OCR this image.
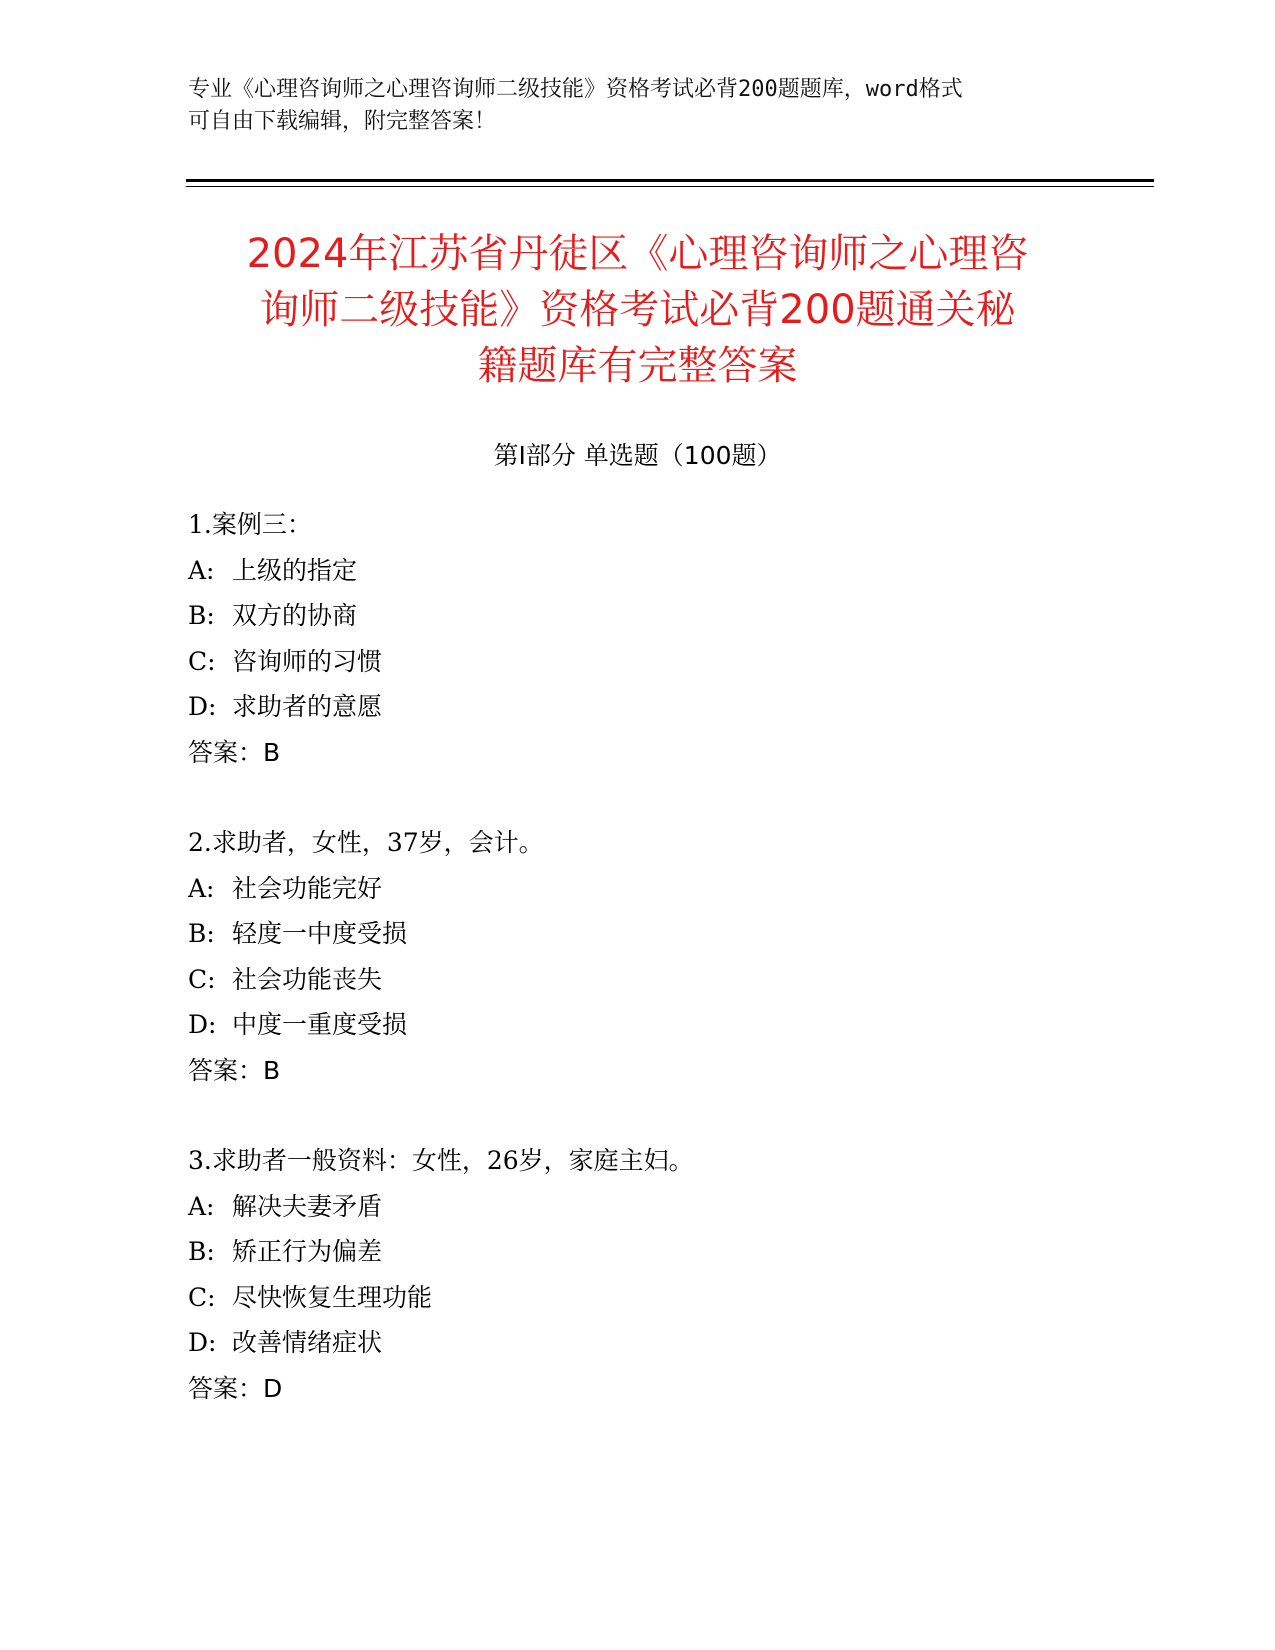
专业《心理咨询师之心理咨询师二级技能》资格考试必背200题题库，word格式
可自由下载编辑，附完整答案！
2024年江苏省丹徒区《心理咨询师之心理咨
询师二级技能》资格考试必背200题通关秘
籍题库有完整答案
第Ⅰ部分 单选题（100题）
1.案例三：
A: 上级的指定
B: 双方的协商
C: 咨询师的习惯
D: 求助者的意愿
答案：B
2.求助者，女性，37岁，会计。
A: 社会功能完好
B: 轻度一中度受损
C: 社会功能丧失
D: 中度一重度受损
答案：B
3.求助者一般资料：女性，26岁，家庭主妇。
A: 解决夫妻矛盾
B: 矫正行为偏差
C: 尽快恢复生理功能
D: 改善情绪症状
答案：D
